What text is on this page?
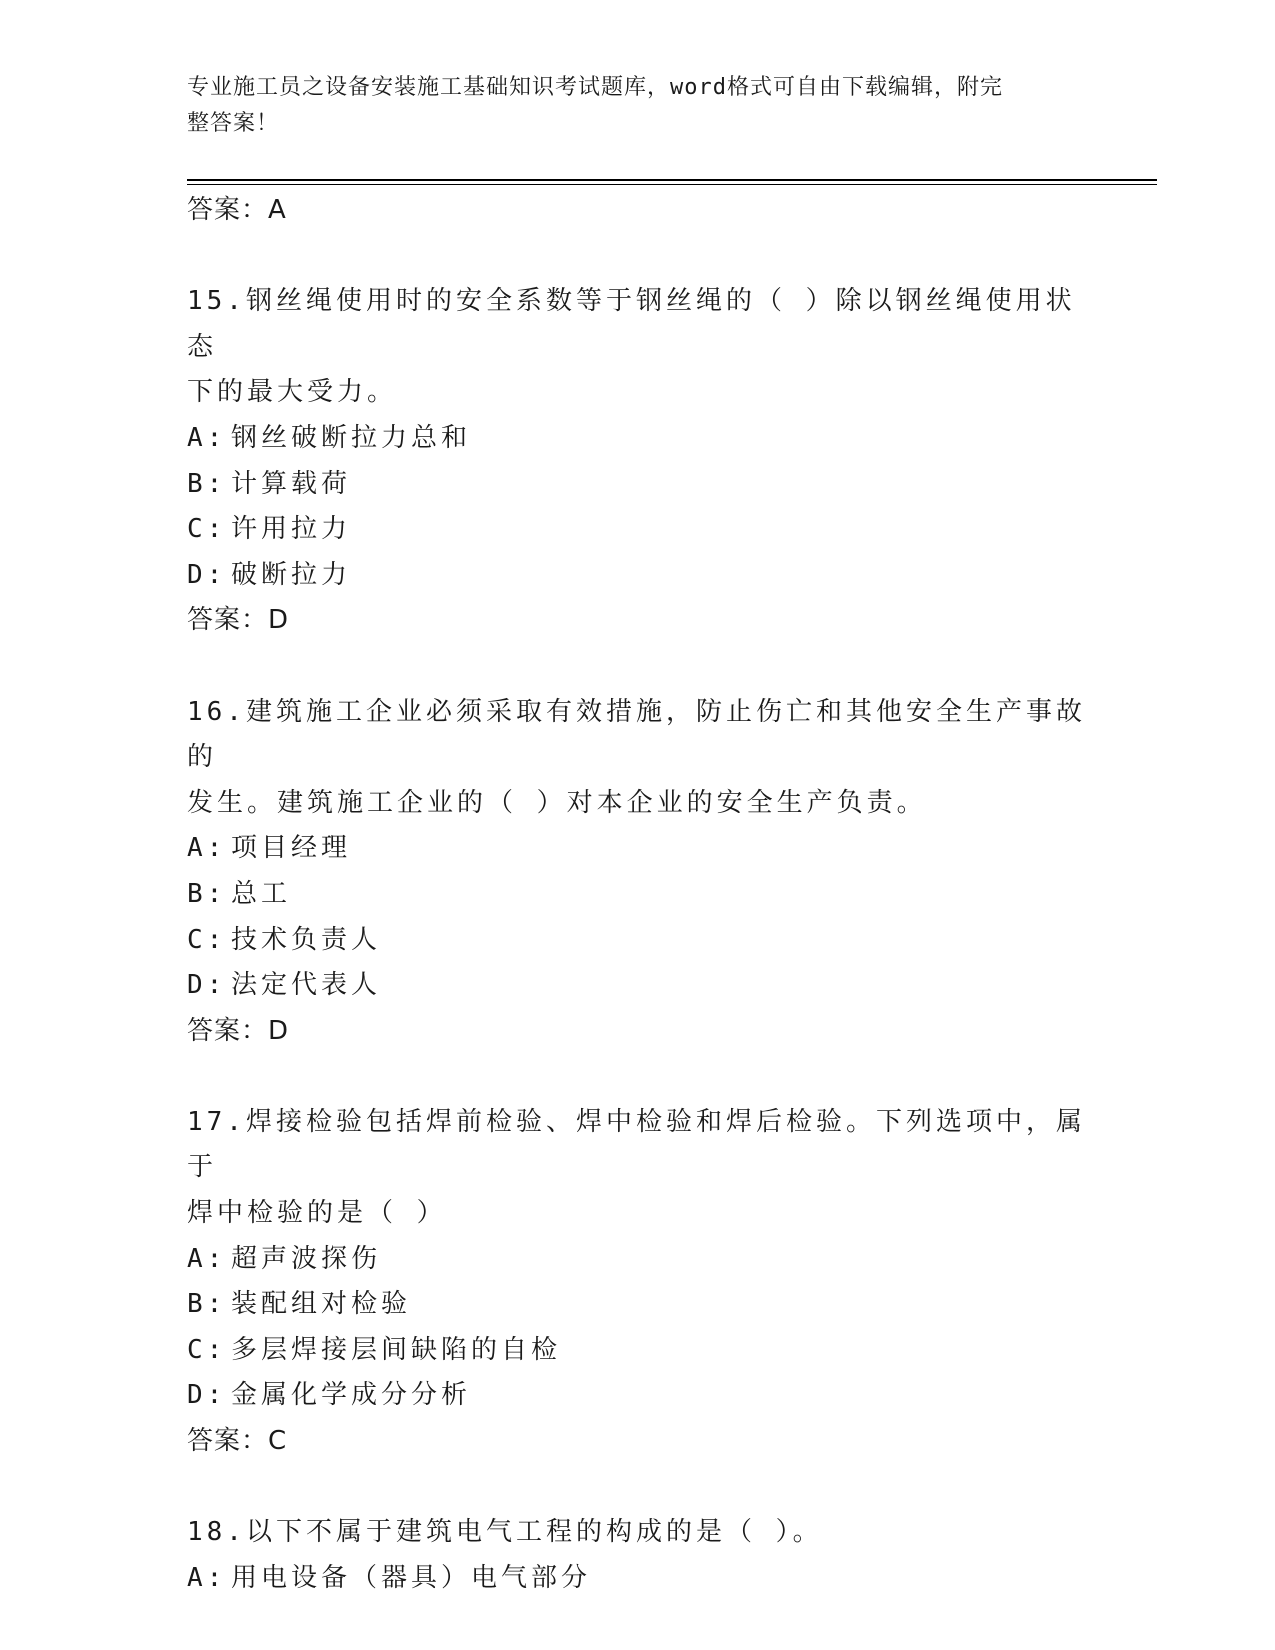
专业施工员之设备安装施工基础知识考试题库，word格式可自由下载编辑，附完
整答案！
答案：A
15.钢丝绳使用时的安全系数等于钢丝绳的（ ）除以钢丝绳使用状态
下的最大受力。
A: 钢丝破断拉力总和
B: 计算载荷
C: 许用拉力
D: 破断拉力
答案：D
16.建筑施工企业必须采取有效措施，防止伤亡和其他安全生产事故的
发生。建筑施工企业的（ ）对本企业的安全生产负责。
A: 项目经理
B: 总工
C: 技术负责人
D: 法定代表人
答案：D
17.焊接检验包括焊前检验、焊中检验和焊后检验。下列选项中，属于
焊中检验的是（ ）
A: 超声波探伤
B: 装配组对检验
C: 多层焊接层间缺陷的自检
D: 金属化学成分分析
答案：C
18.以下不属于建筑电气工程的构成的是（ ）。
A: 用电设备（器具）电气部分
